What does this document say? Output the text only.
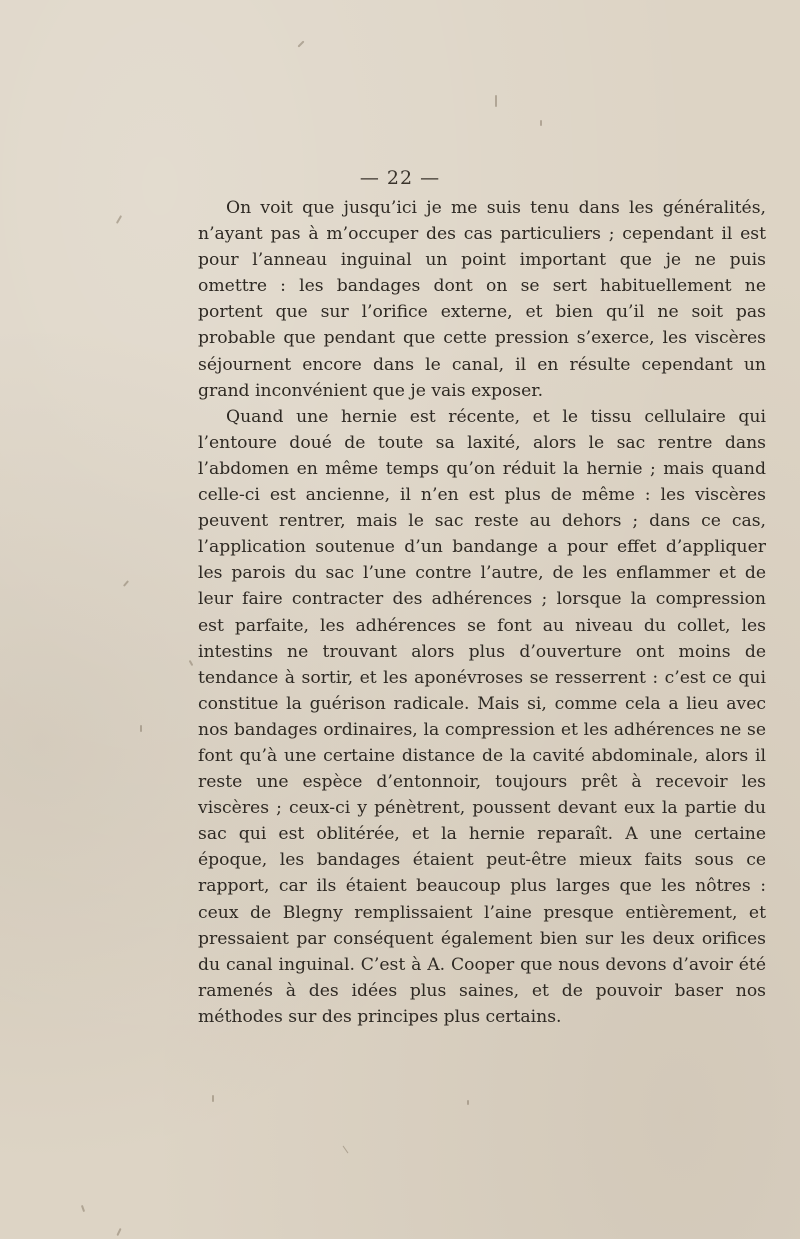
— 22 —

On voit que jusqu’ici je me suis tenu dans les généralités, n’ayant pas à m’occuper des cas particuliers ; cependant il est pour l’anneau inguinal un point important que je ne puis omettre : les bandages dont on se sert habituellement ne portent que sur l’orifice externe, et bien qu’il ne soit pas probable que pendant que cette pression s’exerce, les viscères séjournent encore dans le canal, il en résulte cependant un grand inconvénient que je vais exposer.

Quand une hernie est récente, et le tissu cellulaire qui l’entoure doué de toute sa laxité, alors le sac rentre dans l’abdomen en même temps qu’on réduit la hernie ; mais quand celle-ci est ancienne, il n’en est plus de même : les viscères peuvent rentrer, mais le sac reste au dehors ; dans ce cas, l’application soutenue d’un bandange a pour effet d’appliquer les parois du sac l’une contre l’autre, de les enflammer et de leur faire contracter des adhérences ; lorsque la compression est parfaite, les adhérences se font au niveau du collet, les intestins ne trouvant alors plus d’ouverture ont moins de tendance à sortir, et les aponévroses se resserrent : c’est ce qui constitue la guérison radicale. Mais si, comme cela a lieu avec nos bandages ordinaires, la compression et les adhérences ne se font qu’à une certaine distance de la cavité abdominale, alors il reste une espèce d’entonnoir, toujours prêt à recevoir les viscères ; ceux-ci y pénètrent, poussent devant eux la partie du sac qui est oblitérée, et la hernie reparaît. A une certaine époque, les bandages étaient peut-être mieux faits sous ce rapport, car ils étaient beaucoup plus larges que les nôtres : ceux de Blegny remplissaient l’aine presque entièrement, et pressaient par conséquent également bien sur les deux orifices du canal inguinal. C’est à A. Cooper que nous devons d’avoir été ramenés à des idées plus saines, et de pouvoir baser nos méthodes sur des principes plus certains.
